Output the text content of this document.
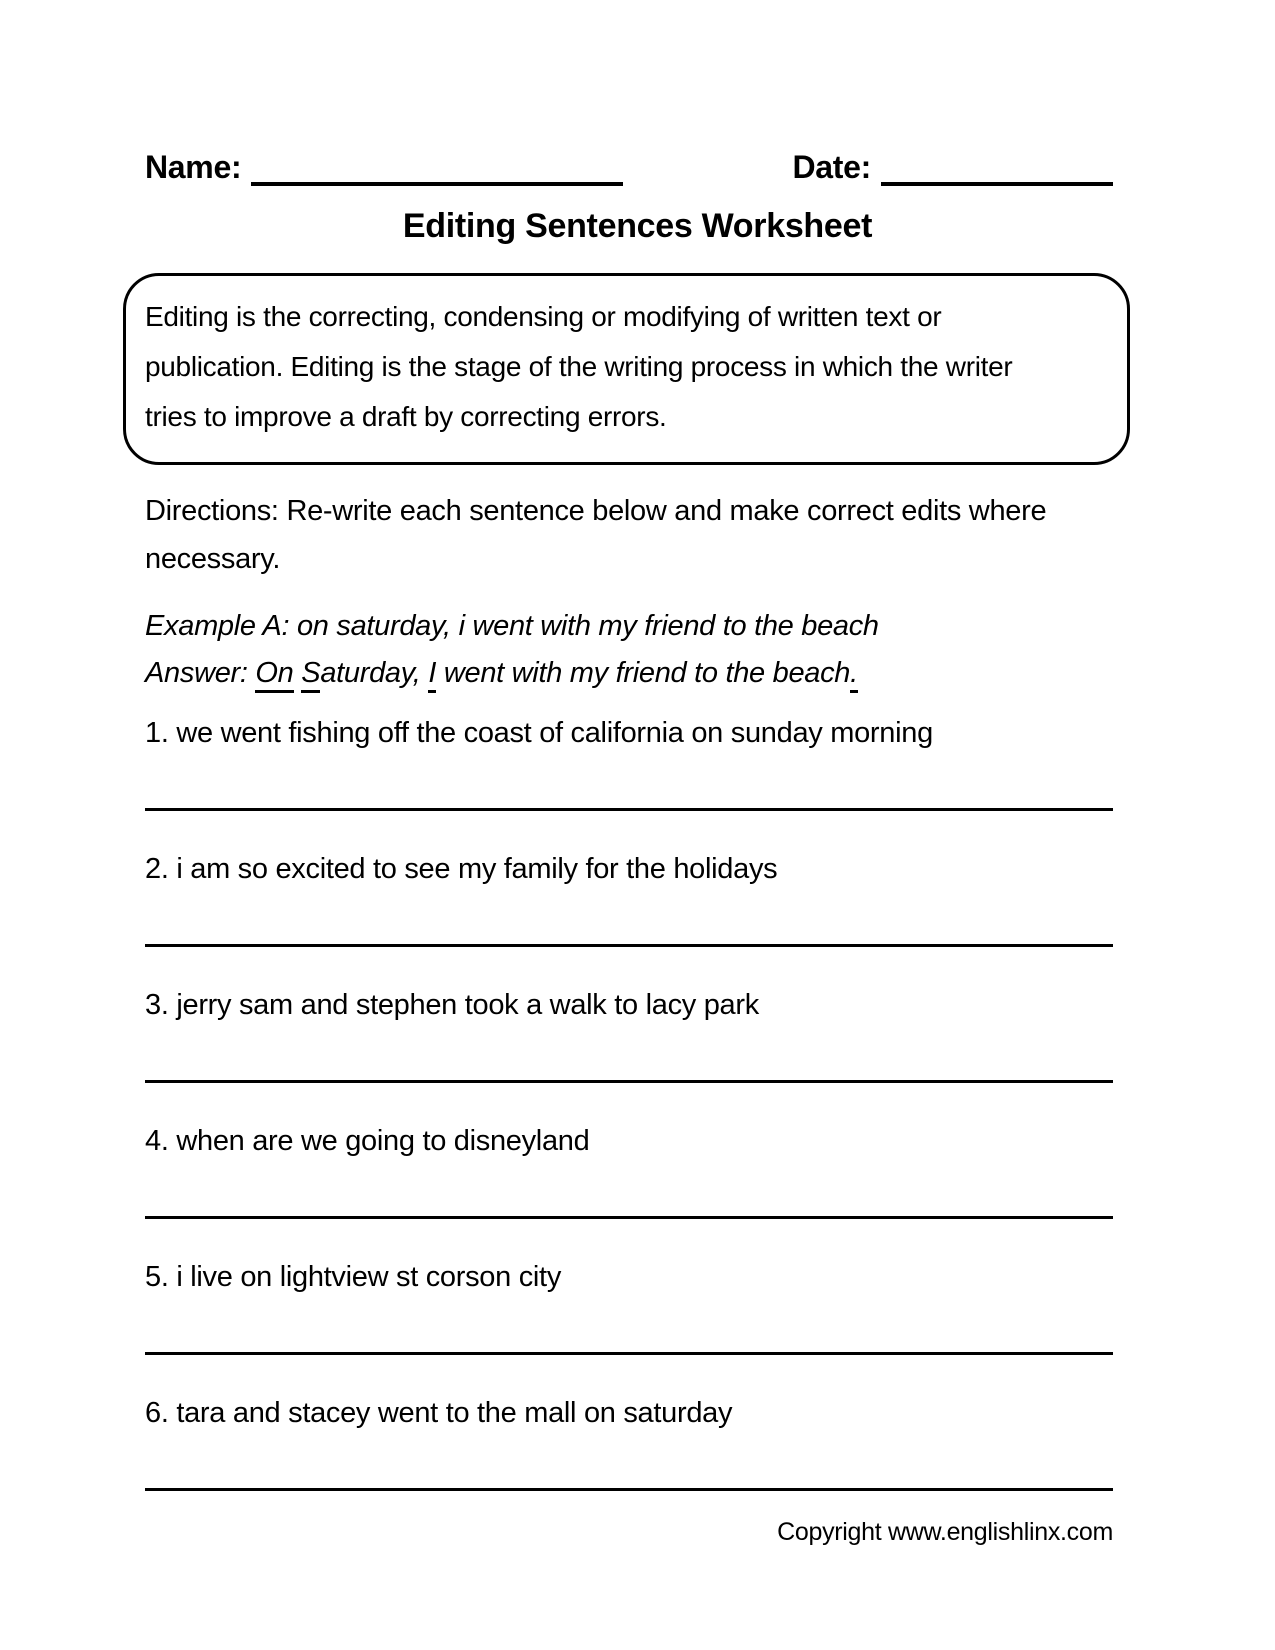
Name:	Date:
Editing Sentences Worksheet
Editing is the correcting, condensing or modifying of written text or
publication. Editing is the stage of the writing process in which the writer
tries to improve a draft by correcting errors.
Directions: Re-write each sentence below and make correct edits where
necessary.
Example A: on saturday, i went with my friend to the beach
Answer: On Saturday, I went with my friend to the beach.
1. we went fishing off the coast of california on sunday morning
2. i am so excited to see my family for the holidays
3. jerry sam and stephen took a walk to lacy park
4. when are we going to disneyland
5. i live on lightview st corson city
6. tara and stacey went to the mall on saturday
Copyright www.englishlinx.com
